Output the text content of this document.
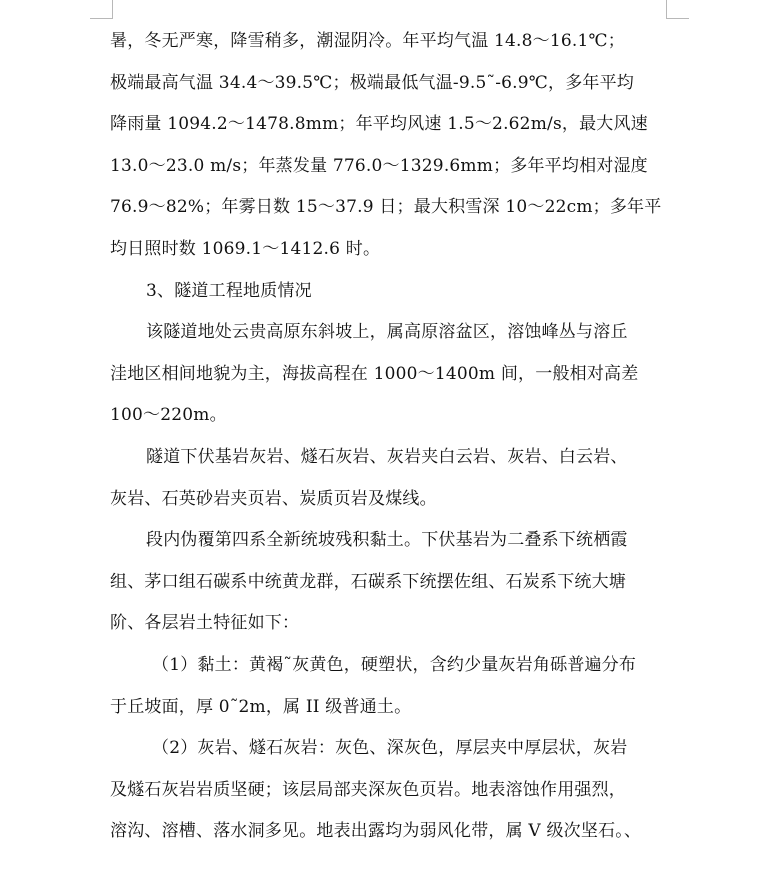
暑，冬无严寒，降雪稍多，潮湿阴冷。年平均气温 14.8～16.1℃；
极端最高气温 34.4～39.5℃；极端最低气温-9.5˜-6.9℃，多年平均
降雨量 1094.2～1478.8mm；年平均风速 1.5～2.62m/s，最大风速
13.0～23.0 m/s；年蒸发量 776.0～1329.6mm；多年平均相对湿度
76.9～82%；年雾日数 15～37.9 日；最大积雪深 10～22cm；多年平
均日照时数 1069.1～1412.6 时。
3、隧道工程地质情况
该隧道地处云贵高原东斜坡上，属高原溶盆区，溶蚀峰丛与溶丘
洼地区相间地貌为主，海拔高程在 1000～1400m 间，一般相对高差
100～220m。
隧道下伏基岩灰岩、燧石灰岩、灰岩夹白云岩、灰岩、白云岩、
灰岩、石英砂岩夹页岩、炭质页岩及煤线。
段内伪覆第四系全新统坡残积黏土。下伏基岩为二叠系下统栖霞
组、茅口组石碳系中统黄龙群，石碳系下统摆佐组、石炭系下统大塘
阶、各层岩土特征如下：
（1）黏土：黄褐˜灰黄色，硬塑状，含约少量灰岩角砾普遍分布
于丘坡面，厚 0˜2m，属 II 级普通土。
（2）灰岩、燧石灰岩：灰色、深灰色，厚层夹中厚层状，灰岩
及燧石灰岩岩质坚硬；该层局部夹深灰色页岩。地表溶蚀作用强烈，
溶沟、溶槽、落水洞多见。地表出露均为弱风化带，属 V 级次坚石。、
